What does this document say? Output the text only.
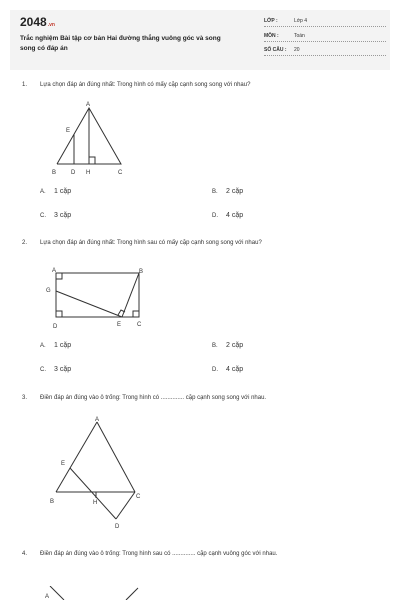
2048.vn
Trắc nghiệm Bài tập cơ bản Hai đường thẳng vuông góc và song song có đáp án
LỚP :	Lớp 4
MÔN :	Toán
SỐ CÂU : 20
1. Lựa chọn đáp án đúng nhất: Trong hình có mấy cặp cạnh song song với nhau?
A
E
B D H	C
A. 1 cặp	B. 2 cặp
C. 3 cặp	D. 4 cặp
2. Lựa chọn đáp án đúng nhất: Trong hình sau có mấy cặp cạnh song song với nhau?
A	B
G
D	E	C
A. 1 cặp	B. 2 cặp
C. 3 cặp	D. 4 cặp
3. Điền đáp án đúng vào ô trống: Trong hình có .............. cặp cạnh song song với nhau.
A
E
B	H
C
D
4. Điền đáp án đúng vào ô trống: Trong hình sau có .............. cặp cạnh vuông góc với nhau.
A
